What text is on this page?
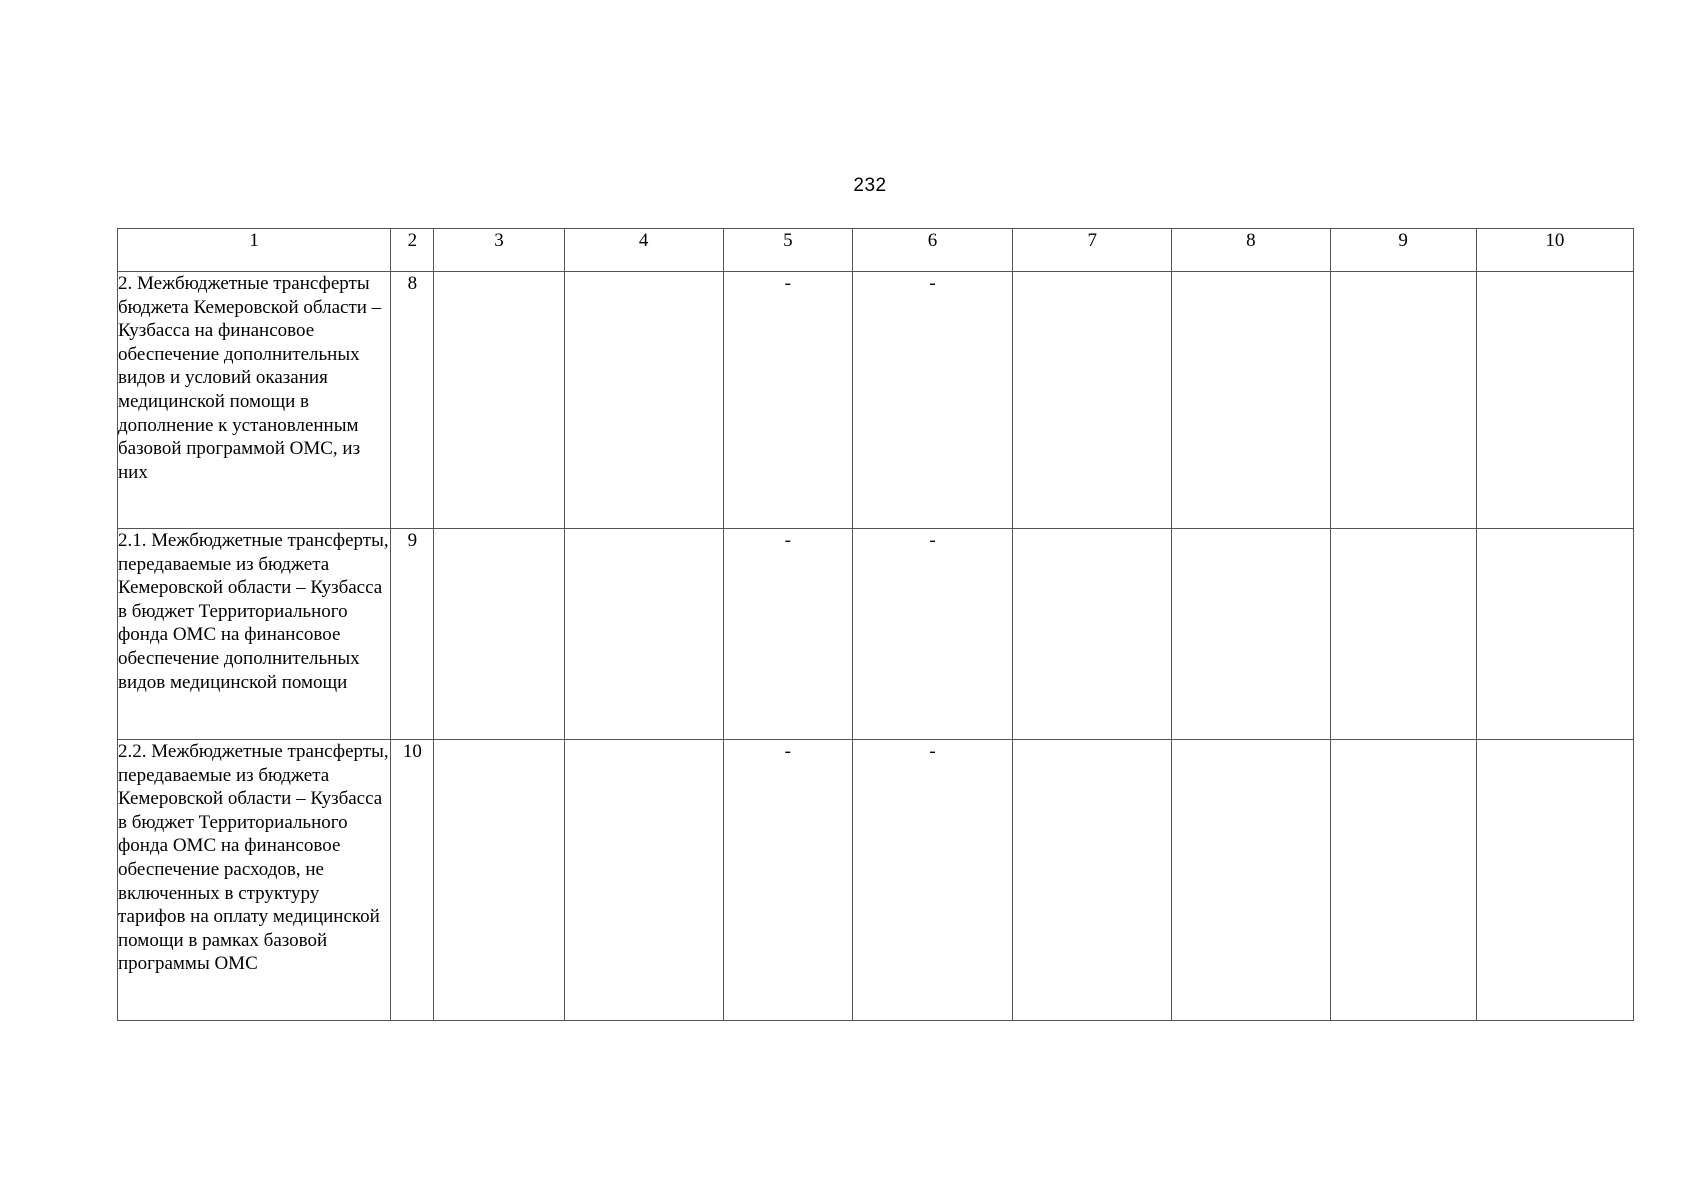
232
1	2	3	4	5	6	7	8	9	10
2. Межбюджетные трансферты бюджета Кемеровской области – Кузбасса на финансовое обеспечение дополнительных видов и условий оказания медицинской помощи в дополнение к установленным базовой программой ОМС, из них	8			-	-				
2.1. Межбюджетные трансферты, передаваемые из бюджета Кемеровской области – Кузбасса в бюджет Территориального фонда ОМС на финансовое обеспечение дополнительных видов медицинской помощи	9			-	-				
2.2. Межбюджетные трансферты, передаваемые из бюджета Кемеровской области – Кузбасса в бюджет Территориального фонда ОМС на финансовое обеспечение расходов, не включенных в структуру тарифов на оплату медицинской помощи в рамках базовой программы ОМС	10			-	-				
